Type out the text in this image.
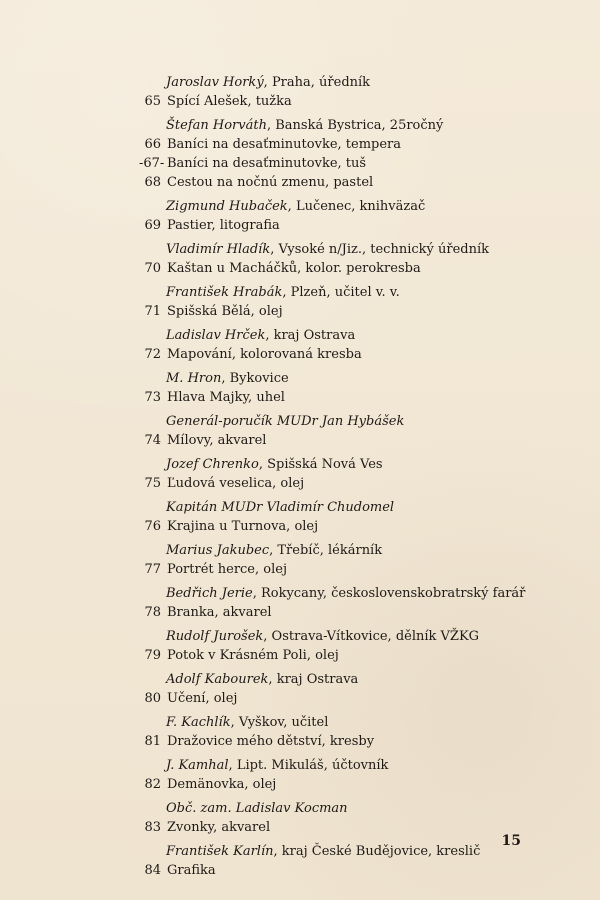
Jaroslav Horký, Praha, úředník
65 Spící Alešek, tužka
Štefan Horváth, Banská Bystrica, 25ročný
66 Baníci na desaťminutovke, tempera
-67- Baníci na desaťminutovke, tuš
68 Cestou na nočnú zmenu, pastel
Zigmund Hubaček, Lučenec, knihväzač
69 Pastier, litografia
Vladimír Hladík, Vysoké n/Jiz., technický úředník
70 Kaštan u Macháčků, kolor. perokresba
František Hrabák, Plzeň, učitel v. v.
71 Spišská Bělá, olej
Ladislav Hrček, kraj Ostrava
72 Mapování, kolorovaná kresba
M. Hron, Bykovice
73 Hlava Majky, uhel
Generál-poručík MUDr Jan Hybášek
74 Mílovy, akvarel
Jozef Chrenko, Spišská Nová Ves
75 Ľudová veselica, olej
Kapitán MUDr Vladimír Chudomel
76 Krajina u Turnova, olej
Marius Jakubec, Třebíč, lékárník
77 Portrét herce, olej
Bedřich Jerie, Rokycany, československobratrský farář
78 Branka, akvarel
Rudolf Jurošek, Ostrava-Vítkovice, dělník VŽKG
79 Potok v Krásném Poli, olej
Adolf Kabourek, kraj Ostrava
80 Učení, olej
F. Kachlík, Vyškov, učitel
81 Dražovice mého dětství, kresby
J. Kamhal, Lipt. Mikuláš, účtovník
82 Demänovka, olej
Obč. zam. Ladislav Kocman
83 Zvonky, akvarel
František Karlín, kraj České Budějovice, kreslič
84 Grafika
15
